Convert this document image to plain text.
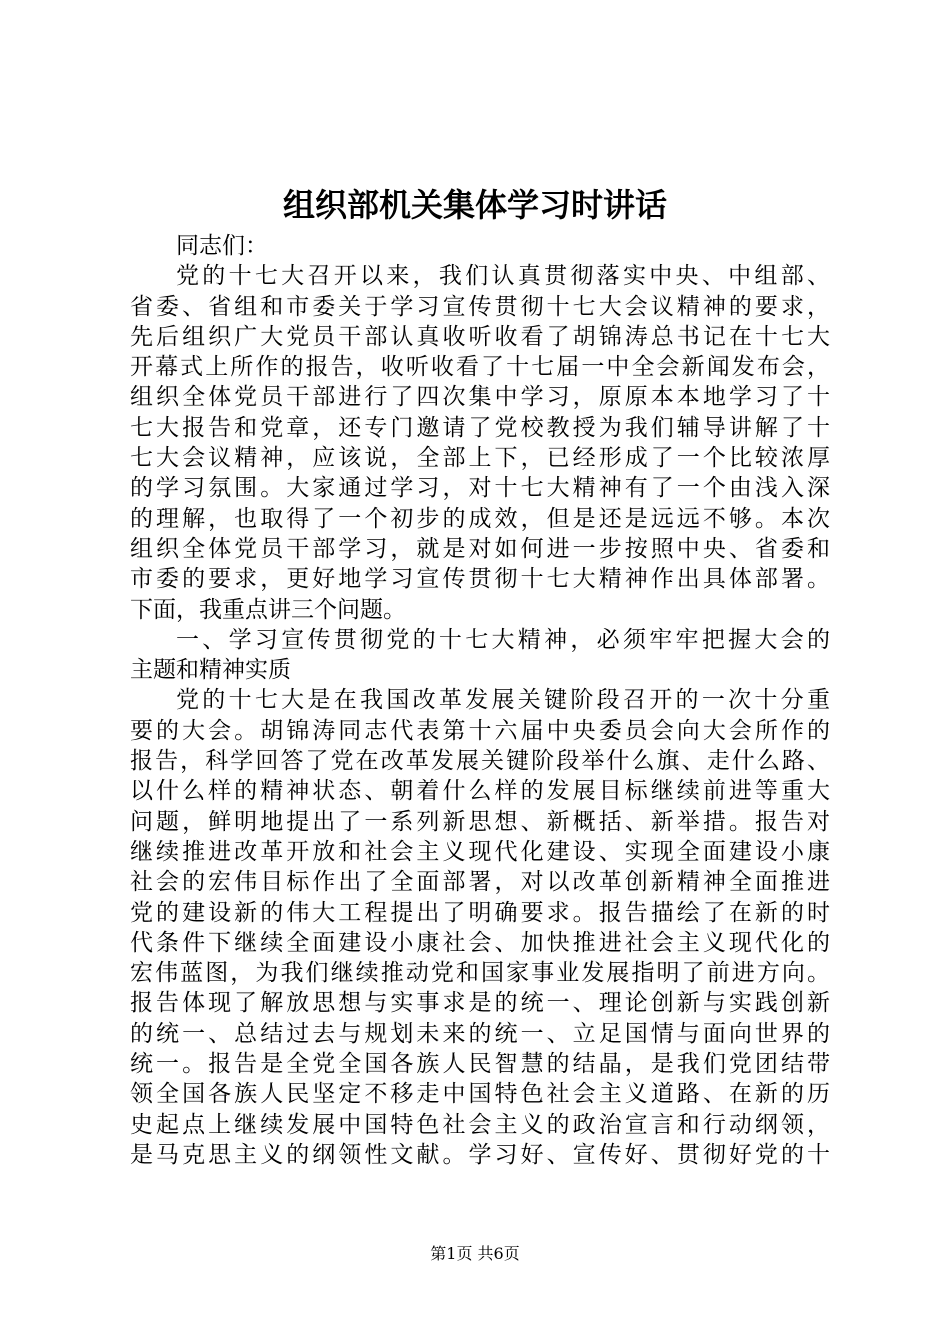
组织部机关集体学习时讲话
同志们：
党的十七大召开以来，我们认真贯彻落实中央、中组部、
省委、省组和市委关于学习宣传贯彻十七大会议精神的要求，
先后组织广大党员干部认真收听收看了胡锦涛总书记在十七大
开幕式上所作的报告，收听收看了十七届一中全会新闻发布会，
组织全体党员干部进行了四次集中学习，原原本本地学习了十
七大报告和党章，还专门邀请了党校教授为我们辅导讲解了十
七大会议精神，应该说，全部上下，已经形成了一个比较浓厚
的学习氛围。大家通过学习，对十七大精神有了一个由浅入深
的理解，也取得了一个初步的成效，但是还是远远不够。本次
组织全体党员干部学习，就是对如何进一步按照中央、省委和
市委的要求，更好地学习宣传贯彻十七大精神作出具体部署。
下面，我重点讲三个问题。
一、学习宣传贯彻党的十七大精神，必须牢牢把握大会的
主题和精神实质
党的十七大是在我国改革发展关键阶段召开的一次十分重
要的大会。胡锦涛同志代表第十六届中央委员会向大会所作的
报告，科学回答了党在改革发展关键阶段举什么旗、走什么路、
以什么样的精神状态、朝着什么样的发展目标继续前进等重大
问题，鲜明地提出了一系列新思想、新概括、新举措。报告对
继续推进改革开放和社会主义现代化建设、实现全面建设小康
社会的宏伟目标作出了全面部署，对以改革创新精神全面推进
党的建设新的伟大工程提出了明确要求。报告描绘了在新的时
代条件下继续全面建设小康社会、加快推进社会主义现代化的
宏伟蓝图，为我们继续推动党和国家事业发展指明了前进方向。
报告体现了解放思想与实事求是的统一、理论创新与实践创新
的统一、总结过去与规划未来的统一、立足国情与面向世界的
统一。报告是全党全国各族人民智慧的结晶，是我们党团结带
领全国各族人民坚定不移走中国特色社会主义道路、在新的历
史起点上继续发展中国特色社会主义的政治宣言和行动纲领，
是马克思主义的纲领性文献。学习好、宣传好、贯彻好党的十
第1页 共6页
